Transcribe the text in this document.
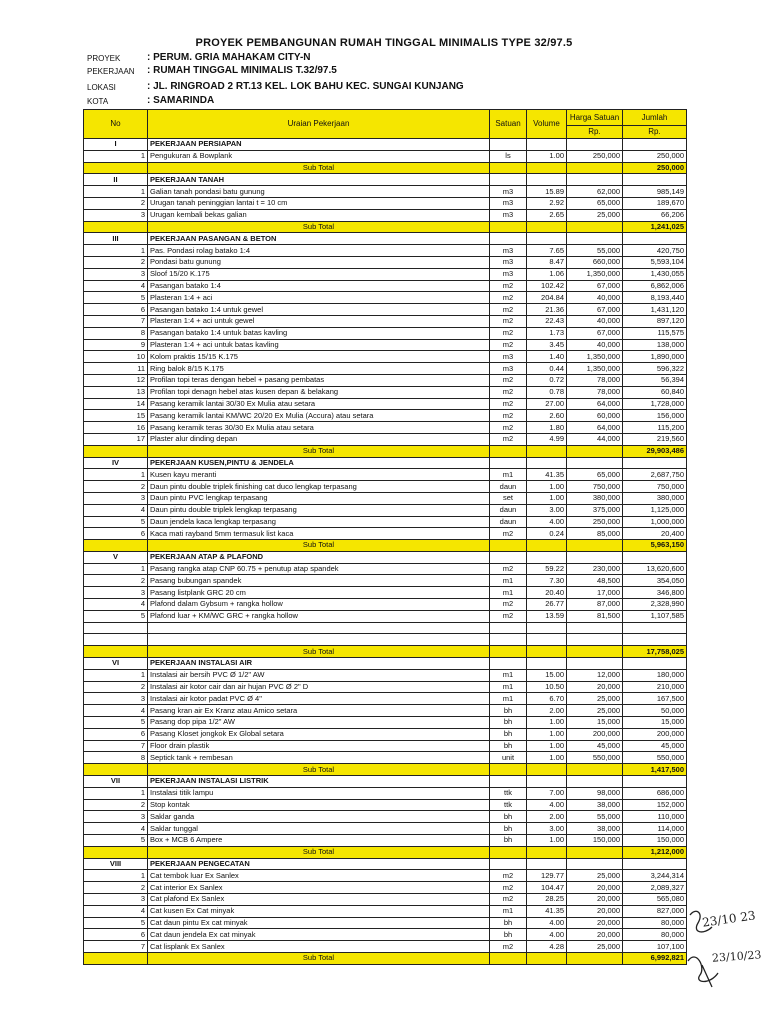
PROYEK PEMBANGUNAN RUMAH TINGGAL MINIMALIS TYPE 32/97.5
PROYEK	: PERUM. GRIA MAHAKAM CITY-N
PEKERJAAN : RUMAH TINGGAL MINIMALIS T.32/97.5
LOKASI	: JL. RINGROAD 2 RT.13 KEL. LOK BAHU KEC. SUNGAI KUNJANG
KOTA	: SAMARINDA
No	Uraian Pekerjaan	Satuan	Volume	Harga Satuan	Jumlah
				Rp.	Rp.
I	PEKERJAAN PERSIAPAN				
1	Pengukuran & Bowplank	ls	1.00	250,000	250,000
	Sub Total				250,000
II	PEKERJAAN TANAH				
1	Galian tanah pondasi batu gunung	m3	15.89	62,000	985,149
2	Urugan tanah peninggian lantai t = 10 cm	m3	2.92	65,000	189,670
3	Urugan kembali bekas galian	m3	2.65	25,000	66,206
	Sub Total				1,241,025
III	PEKERJAAN PASANGAN & BETON				
1	Pas. Pondasi rolag batako 1:4	m3	7.65	55,000	420,750
2	Pondasi batu gunung	m3	8.47	660,000	5,593,104
3	Sloof 15/20 K.175	m3	1.06	1,350,000	1,430,055
4	Pasangan batako 1:4	m2	102.42	67,000	6,862,006
5	Plasteran 1:4 + aci	m2	204.84	40,000	8,193,440
6	Pasangan batako 1:4 untuk gewel	m2	21.36	67,000	1,431,120
7	Plasteran 1:4 + aci untuk gewel	m2	22.43	40,000	897,120
8	Pasangan batako 1:4 untuk batas kavling	m2	1.73	67,000	115,575
9	Plasteran 1:4 + aci untuk batas kavling	m2	3.45	40,000	138,000
10	Kolom praktis 15/15 K.175	m3	1.40	1,350,000	1,890,000
11	Ring balok 8/15 K.175	m3	0.44	1,350,000	596,322
12	Profilan topi teras dengan hebel + pasang pembatas	m2	0.72	78,000	56,394
13	Profilan topi denagn hebel atas kusen depan & belakang	m2	0.78	78,000	60,840
14	Pasang keramik lantai 30/30 Ex Mulia atau setara	m2	27.00	64,000	1,728,000
15	Pasang keramik lantai KM/WC 20/20 Ex Mulia (Accura) atau setara	m2	2.60	60,000	156,000
16	Pasang keramik teras 30/30 Ex Mulia atau setara	m2	1.80	64,000	115,200
17	Plaster alur dinding depan	m2	4.99	44,000	219,560
	Sub Total				29,903,486
IV	PEKERJAAN KUSEN,PINTU & JENDELA				
1	Kusen kayu meranti	m1	41.35	65,000	2,687,750
2	Daun pintu double triplek finishing cat duco lengkap terpasang	daun	1.00	750,000	750,000
3	Daun pintu PVC lengkap terpasang	set	1.00	380,000	380,000
4	Daun pintu double triplek lengkap terpasang	daun	3.00	375,000	1,125,000
5	Daun jendela kaca lengkap terpasang	daun	4.00	250,000	1,000,000
6	Kaca mati rayband 5mm termasuk list kaca	m2	0.24	85,000	20,400
	Sub Total				5,963,150
V	PEKERJAAN ATAP & PLAFOND				
1	Pasang rangka atap CNP 60.75 + penutup atap spandek	m2	59.22	230,000	13,620,600
2	Pasang bubungan spandek	m1	7.30	48,500	354,050
3	Pasang listplank GRC 20 cm	m1	20.40	17,000	346,800
4	Plafond dalam Gybsum + rangka hollow	m2	26.77	87,000	2,328,990
5	Plafond luar + KM/WC GRC + rangka hollow	m2	13.59	81,500	1,107,585

	Sub Total				17,758,025
VI	PEKERJAAN INSTALASI AIR				
1	Instalasi air bersih PVC Ø 1/2" AW	m1	15.00	12,000	180,000
2	Instalasi air kotor cair dan air hujan PVC Ø 2" D	m1	10.50	20,000	210,000
3	Instalasi air kotor padat PVC Ø 4"	m1	6.70	25,000	167,500
4	Pasang kran air Ex Kranz atau Amico setara	bh	2.00	25,000	50,000
5	Pasang dop pipa 1/2" AW	bh	1.00	15,000	15,000
6	Pasang Kloset jongkok Ex Global setara	bh	1.00	200,000	200,000
7	Floor drain plastik	bh	1.00	45,000	45,000
8	Septick tank + rembesan	unit	1.00	550,000	550,000
	Sub Total				1,417,500
VII	PEKERJAAN INSTALASI LISTRIK				
1	Instalasi titik lampu	ttk	7.00	98,000	686,000
2	Stop kontak	ttk	4.00	38,000	152,000
3	Saklar ganda	bh	2.00	55,000	110,000
4	Saklar tunggal	bh	3.00	38,000	114,000
5	Box + MCB 6 Ampere	bh	1.00	150,000	150,000
	Sub Total				1,212,000
VIII	PEKERJAAN PENGECATAN				
1	Cat tembok luar Ex Sanlex	m2	129.77	25,000	3,244,314
2	Cat interior Ex Sanlex	m2	104.47	20,000	2,089,327
3	Cat plafond Ex Sanlex	m2	28.25	20,000	565,080
4	Cat kusen Ex Cat minyak	m1	41.35	20,000	827,000
5	Cat daun pintu Ex cat minyak	bh	4.00	20,000	80,000
6	Cat daun jendela Ex cat minyak	bh	4.00	20,000	80,000
7	Cat lisplank Ex Sanlex	m2	4.28	25,000	107,100
	Sub Total				6,992,821
23/10 23
23/10/23
